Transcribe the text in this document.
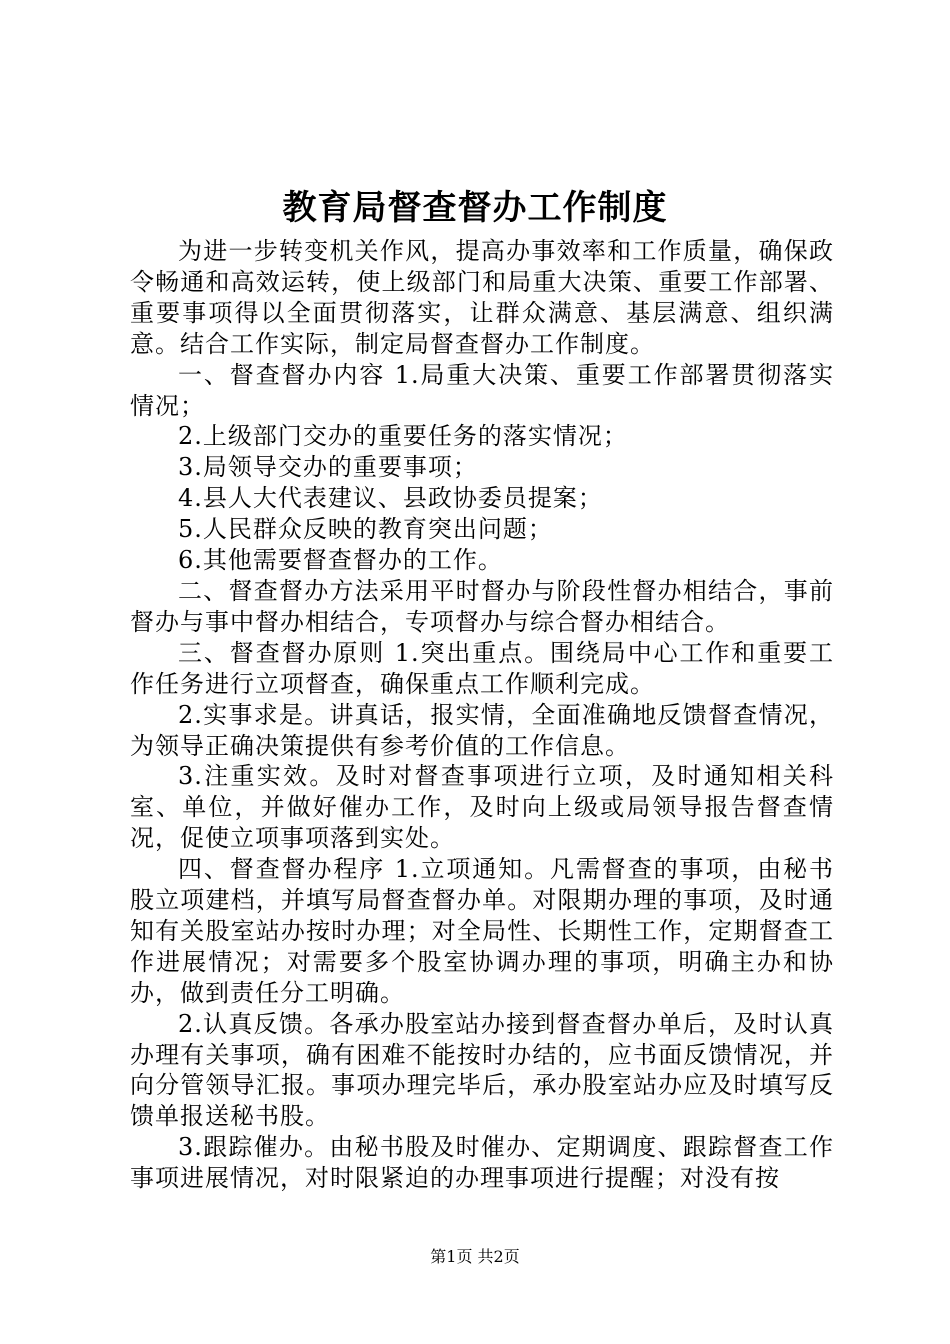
教育局督查督办工作制度

为进一步转变机关作风，提高办事效率和工作质量，确保政令畅通和高效运转，使上级部门和局重大决策、重要工作部署、重要事项得以全面贯彻落实，让群众满意、基层满意、组织满意。结合工作实际，制定局督查督办工作制度。

一、督查督办内容 1.局重大决策、重要工作部署贯彻落实情况；

2.上级部门交办的重要任务的落实情况；

3.局领导交办的重要事项；

4.县人大代表建议、县政协委员提案；

5.人民群众反映的教育突出问题；

6.其他需要督查督办的工作。

二、督查督办方法采用平时督办与阶段性督办相结合，事前督办与事中督办相结合，专项督办与综合督办相结合。

三、督查督办原则 1.突出重点。围绕局中心工作和重要工作任务进行立项督查，确保重点工作顺利完成。

2.实事求是。讲真话，报实情，全面准确地反馈督查情况，为领导正确决策提供有参考价值的工作信息。

3.注重实效。及时对督查事项进行立项，及时通知相关科室、单位，并做好催办工作，及时向上级或局领导报告督查情况，促使立项事项落到实处。

四、督查督办程序 1.立项通知。凡需督查的事项，由秘书股立项建档，并填写局督查督办单。对限期办理的事项，及时通知有关股室站办按时办理；对全局性、长期性工作，定期督查工作进展情况；对需要多个股室协调办理的事项，明确主办和协办，做到责任分工明确。

2.认真反馈。各承办股室站办接到督查督办单后，及时认真办理有关事项，确有困难不能按时办结的，应书面反馈情况，并向分管领导汇报。事项办理完毕后，承办股室站办应及时填写反馈单报送秘书股。

3.跟踪催办。由秘书股及时催办、定期调度、跟踪督查工作事项进展情况，对时限紧迫的办理事项进行提醒；对没有按

第1页 共2页
